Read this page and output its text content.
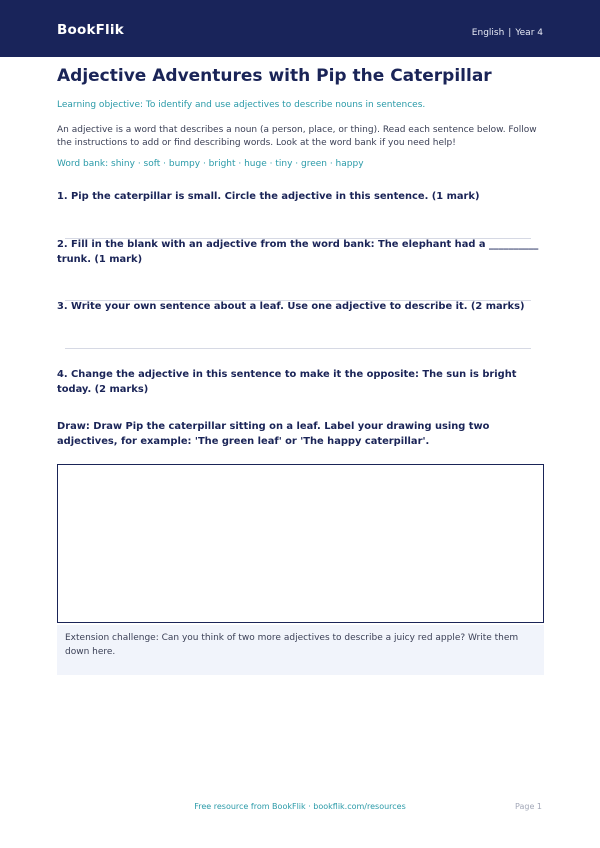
BookFlik	English | Year 4
Adjective Adventures with Pip the Caterpillar
Learning objective: To identify and use adjectives to describe nouns in sentences.
An adjective is a word that describes a noun (a person, place, or thing). Read each sentence below. Follow the instructions to add or find describing words. Look at the word bank if you need help!
Word bank: shiny · soft · bumpy · bright · huge · tiny · green · happy
1. Pip the caterpillar is small. Circle the adjective in this sentence. (1 mark)
2. Fill in the blank with an adjective from the word bank: The elephant had a __________ trunk. (1 mark)
3. Write your own sentence about a leaf. Use one adjective to describe it. (2 marks)
4. Change the adjective in this sentence to make it the opposite: The sun is bright today. (2 marks)
Draw: Draw Pip the caterpillar sitting on a leaf. Label your drawing using two adjectives, for example: 'The green leaf' or 'The happy caterpillar'.
Extension challenge: Can you think of two more adjectives to describe a juicy red apple? Write them down here.
Free resource from BookFlik · bookflik.com/resources	Page 1
